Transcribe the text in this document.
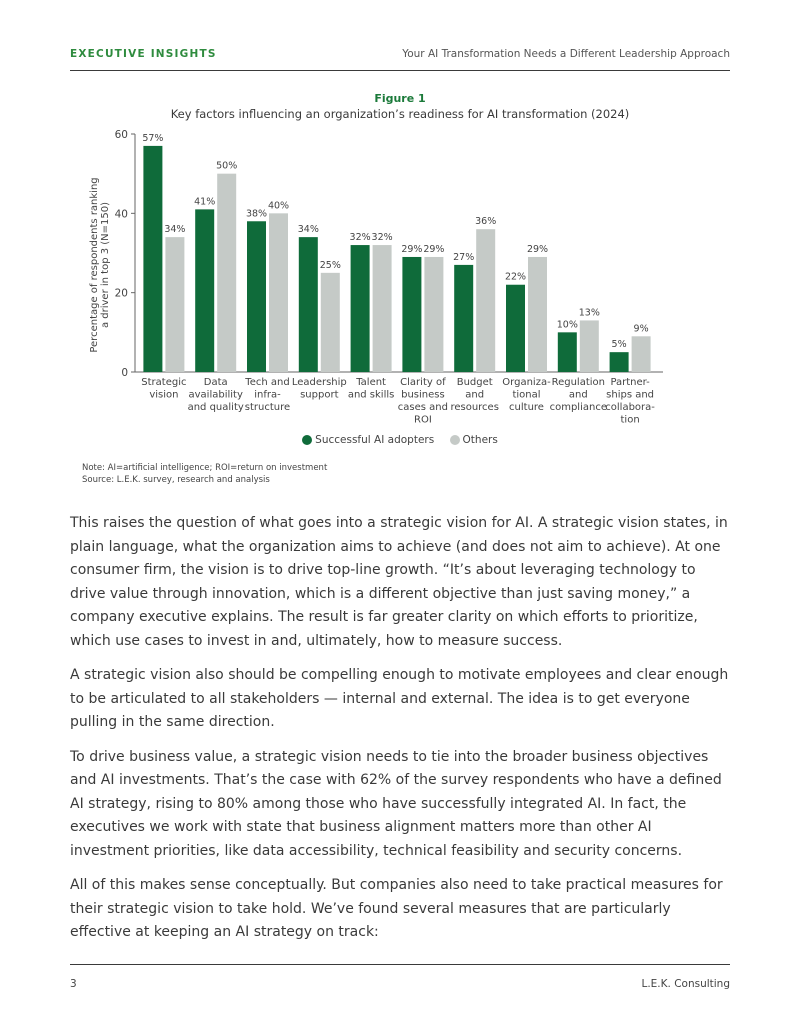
EXECUTIVE INSIGHTS	Your AI Transformation Needs a Different Leadership Approach
Figure 1
Key factors influencing an organization’s readiness for AI transformation (2024)
0
20
40
60
Percentage of respondents rankinga driver in top 3 (N=150)
57%
34%
Strategic vision
41%
50%
Data availability and quality
38%
40%
Tech and infra-structure
34%
25%
Leadership support
32% 32%
Talent and skills
29% 29%
Clarity of business cases and ROI
27%
36%
Budget and resources
22%
29%
Organiza-tional culture
10%
13%
Regulation and compliance
5%
9%
Partner-ships and collabora-tion
Successful AI adopters
	Others
Note: AI=artificial intelligence; ROI=return on investment
Source: L.E.K. survey, research and analysis

This raises the question of what goes into a strategic vision for AI. A strategic vision states, in plain language, what the organization aims to achieve (and does not aim to achieve). At one consumer firm, the vision is to drive top-line growth. “It’s about leveraging technology to drive value through innovation, which is a different objective than just saving money,” a company executive explains. The result is far greater clarity on which efforts to prioritize, which use cases to invest in and, ultimately, how to measure success.

A strategic vision also should be compelling enough to motivate employees and clear enough to be articulated to all stakeholders — internal and external. The idea is to get everyone pulling in the same direction.

To drive business value, a strategic vision needs to tie into the broader business objectives and AI investments. That’s the case with 62% of the survey respondents who have a defined AI strategy, rising to 80% among those who have successfully integrated AI. In fact, the executives we work with state that business alignment matters more than other AI investment priorities, like data accessibility, technical feasibility and security concerns.

All of this makes sense conceptually. But companies also need to take practical measures for their strategic vision to take hold. We’ve found several measures that are particularly effective at keeping an AI strategy on track:

3	L.E.K. Consulting
